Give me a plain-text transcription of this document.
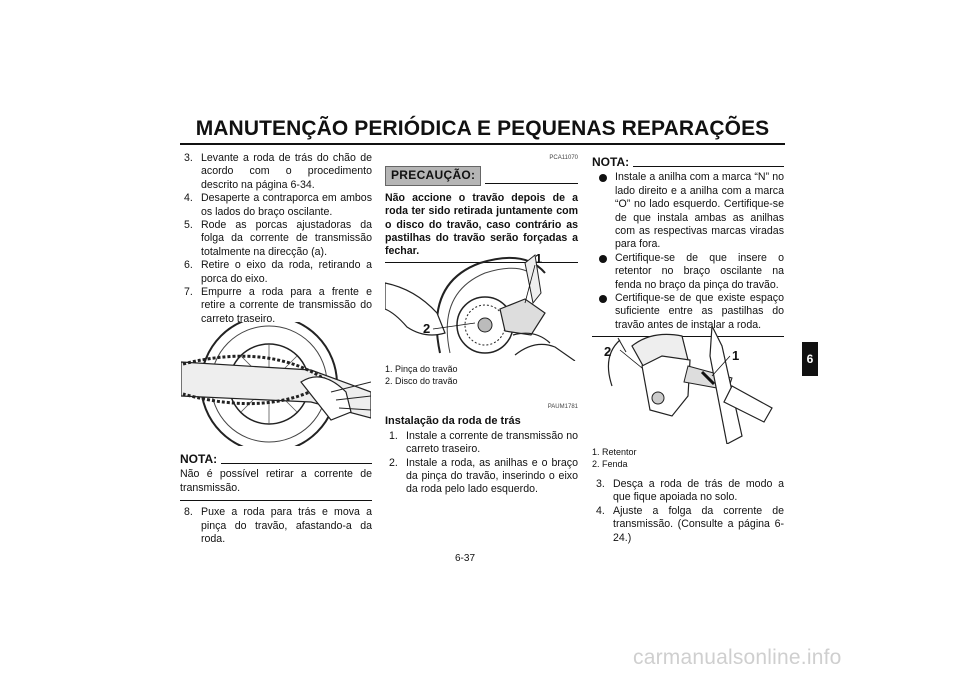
MANUTENÇÃO PERIÓDICA E PEQUENAS REPARAÇÕES
3. Levante a roda de trás do chão de acordo com o procedimento descrito na página 6-34.
4. Desaperte a contraporca em ambos os lados do braço oscilante.
5. Rode as porcas ajustadoras da folga da corrente de transmissão totalmente na direcção (a).
6. Retire o eixo da roda, retirando a porca do eixo.
7. Empurre a roda para a frente e retire a corrente de transmissão do carreto traseiro.
NOTA:
Não é possível retirar a corrente de transmissão.
8. Puxe a roda para trás e mova a pinça do travão, afastando-a da roda.
PCA11070
PRECAUÇÃO:
Não accione o travão depois de a roda ter sido retirada juntamente com o disco do travão, caso contrário as pastilhas do travão serão forçadas a fechar.	1
2
1. Pinça do travão
2. Disco do travão
PAUM1781
Instalação da roda de trás
1. Instale a corrente de transmissão no carreto traseiro.
2. Instale a roda, as anilhas e o braço da pinça do travão, inserindo o eixo da roda pelo lado esquerdo.
NOTA:
Instale a anilha com a marca “N” no lado direito e a anilha com a marca “O” no lado esquerdo. Certifique-se de que instala ambas as anilhas com as respectivas marcas viradas para fora.
Certifique-se de que insere o retentor no braço oscilante na fenda no braço da pinça do travão.
Certifique-se de que existe espaço suficiente entre as pastilhas do travão antes de instalar a roda.
2	1
1. Retentor
2. Fenda
3. Desça a roda de trás de modo a que fique apoiada no solo.
4. Ajuste a folga da corrente de transmissão. (Consulte a página 6-24.)
6
6-37
carmanualsonline.info
